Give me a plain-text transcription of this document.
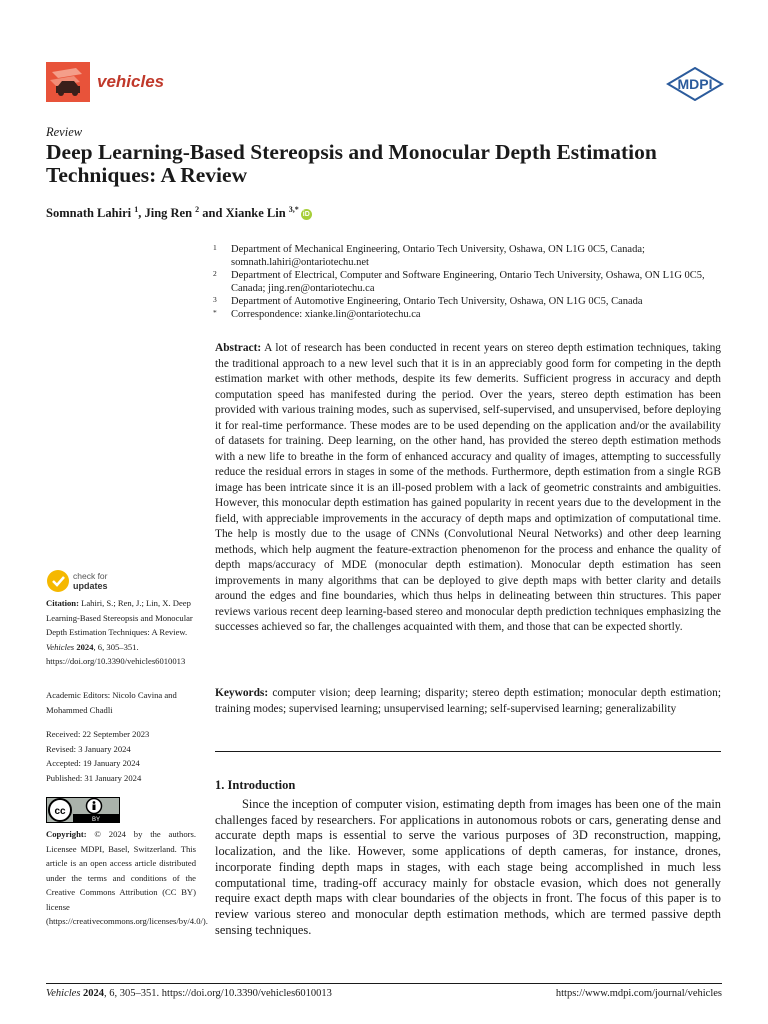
vehicles	MDPI
Review
Deep Learning-Based Stereopsis and Monocular Depth Estimation Techniques: A Review
Somnath Lahiri $^1$, Jing Ren $^2$ and Xianke Lin $^{3,*}$iD
1 Department of Mechanical Engineering, Ontario Tech University, Oshawa, ON L1G 0C5, Canada; somnath.lahiri@ontariotechu.net
2 Department of Electrical, Computer and Software Engineering, Ontario Tech University, Oshawa, ON L1G 0C5, Canada; jing.ren@ontariotechu.ca
3 Department of Automotive Engineering, Ontario Tech University, Oshawa, ON L1G 0C5, Canada
* Correspondence: xianke.lin@ontariotechu.ca
Abstract: A lot of research has been conducted in recent years on stereo depth estimation techniques, taking the traditional approach to a new level such that it is in an appreciably good form for competing in the depth estimation market with other methods, despite its few demerits. Sufficient progress in accuracy and depth computation speed has manifested during the period. Over the years, stereo depth estimation has been provided with various training modes, such as supervised, self-supervised, and unsupervised, before deploying it for real-time performance. These modes are to be used depending on the application and/or the availability of datasets for training. Deep learning, on the other hand, has provided the stereo depth estimation methods with a new life to breathe in the form of enhanced accuracy and quality of images, attempting to successfully reduce the residual errors in stages in some of the methods. Furthermore, depth estimation from a single RGB image has been intricate since it is an ill-posed problem with a lack of geometric constraints and ambiguities. However, this monocular depth estimation has gained popularity in recent years due to the development in the field, with appreciable improvements in the accuracy of depth maps and optimization of computational time. The help is mostly due to the usage of CNNs (Convolutional Neural Networks) and other deep learning methods, which help augment the feature-extraction phenomenon for the process and enhance the quality of depth maps/accuracy of MDE (monocular depth estimation). Monocular depth estimation has seen improvements in many algorithms that can be deployed to give depth maps with better clarity and details around the edges and fine boundaries, which thus helps in delineating between thin structures. This paper reviews various recent deep learning-based stereo and monocular depth prediction techniques emphasizing the successes achieved so far, the challenges acquainted with them, and those that can be expected shortly.
Keywords: computer vision; deep learning; disparity; stereo depth estimation; monocular depth estimation; training modes; supervised learning; unsupervised learning; self-supervised learning; generalizability
1. Introduction
Since the inception of computer vision, estimating depth from images has been one of the main challenges faced by researchers. For applications in autonomous robots or cars, generating dense and accurate depth maps is essential to serve the various purposes of 3D reconstruction, mapping, localization, and the like. However, some applications of depth cameras, for instance, drones, incorporate finding depth maps in stages, with each stage being accomplished in much less computational time, trading-off accuracy mainly for obstacle evasion, which does not generally require exact depth maps with clear boundaries of the objects in front. The focus of this paper is to review various stereo and monocular depth estimation methods, which are termed passive depth sensing techniques.
check for
updates
Citation: Lahiri, S.; Ren, J.; Lin, X. Deep Learning-Based Stereopsis and Monocular Depth Estimation Techniques: A Review. Vehicles 2024, 6, 305–351. https://doi.org/10.3390/vehicles6010013
Academic Editors: Nicolo Cavina and Mohammed Chadli
Received: 22 September 2023
Revised: 3 January 2024
Accepted: 19 January 2024
Published: 31 January 2024
cc
BY
Copyright: © 2024 by the authors. Licensee MDPI, Basel, Switzerland. This article is an open access article distributed under the terms and conditions of the Creative Commons Attribution (CC BY) license (https://creativecommons.org/licenses/by/4.0/).
Vehicles 2024, 6, 305–351. https://doi.org/10.3390/vehicles6010013	https://www.mdpi.com/journal/vehicles
